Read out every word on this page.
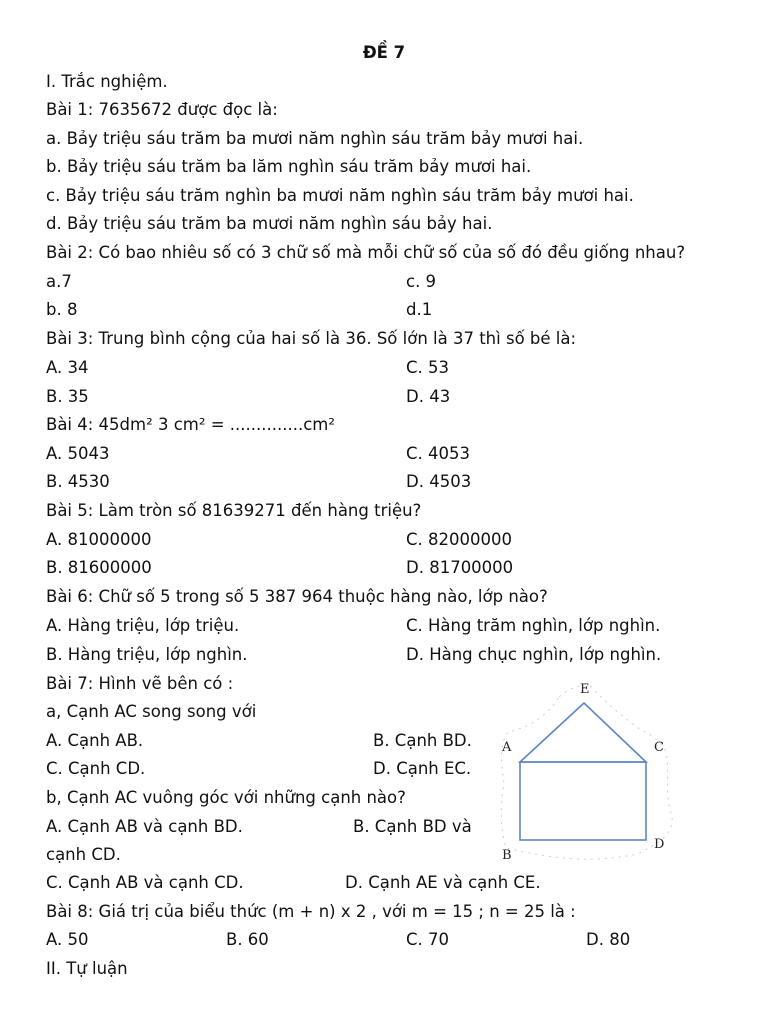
ĐỀ 7
I. Trắc nghiệm.
Bài 1: 7635672 được đọc là:
a. Bảy triệu sáu trăm ba mươi năm nghìn sáu trăm bảy mươi hai.
b. Bảy triệu sáu trăm ba lăm nghìn sáu trăm bảy mươi hai.
c. Bảy triệu sáu trăm nghìn ba mươi năm nghìn sáu trăm bảy mươi hai.
d. Bảy triệu sáu trăm ba mươi năm nghìn sáu bảy hai.
Bài 2: Có bao nhiêu số có 3 chữ số mà mỗi chữ số của số đó đều giống nhau?
a.7	c. 9
b. 8	d.1
Bài 3: Trung bình cộng của hai số là 36. Số lớn là 37 thì số bé là:
A. 34	C. 53
B. 35	D. 43
Bài 4: 45dm² 3 cm² = ..............cm²
A. 5043	C. 4053
B. 4530	D. 4503
Bài 5: Làm tròn số 81639271 đến hàng triệu?
A. 81000000	C. 82000000
B. 81600000	D. 81700000
Bài 6: Chữ số 5 trong số 5 387 964 thuộc hàng nào, lớp nào?
A. Hàng triệu, lớp triệu.	C. Hàng trăm nghìn, lớp nghìn.
B. Hàng triệu, lớp nghìn.	D. Hàng chục nghìn, lớp nghìn.
Bài 7: Hình vẽ bên có :
a, Cạnh AC song song với
A. Cạnh AB.	B. Cạnh BD.
C. Cạnh CD.	D. Cạnh EC.
b, Cạnh AC vuông góc với những cạnh nào?
A. Cạnh AB và cạnh BD.	B. Cạnh BD và
cạnh CD.
C. Cạnh AB và cạnh CD.	D. Cạnh AE và cạnh CE.
E
A	C
B
D
Bài 8: Giá trị của biểu thức (m + n) x 2 , với m = 15 ; n = 25 là :
A. 50	B. 60	C. 70	D. 80
II. Tự luận
